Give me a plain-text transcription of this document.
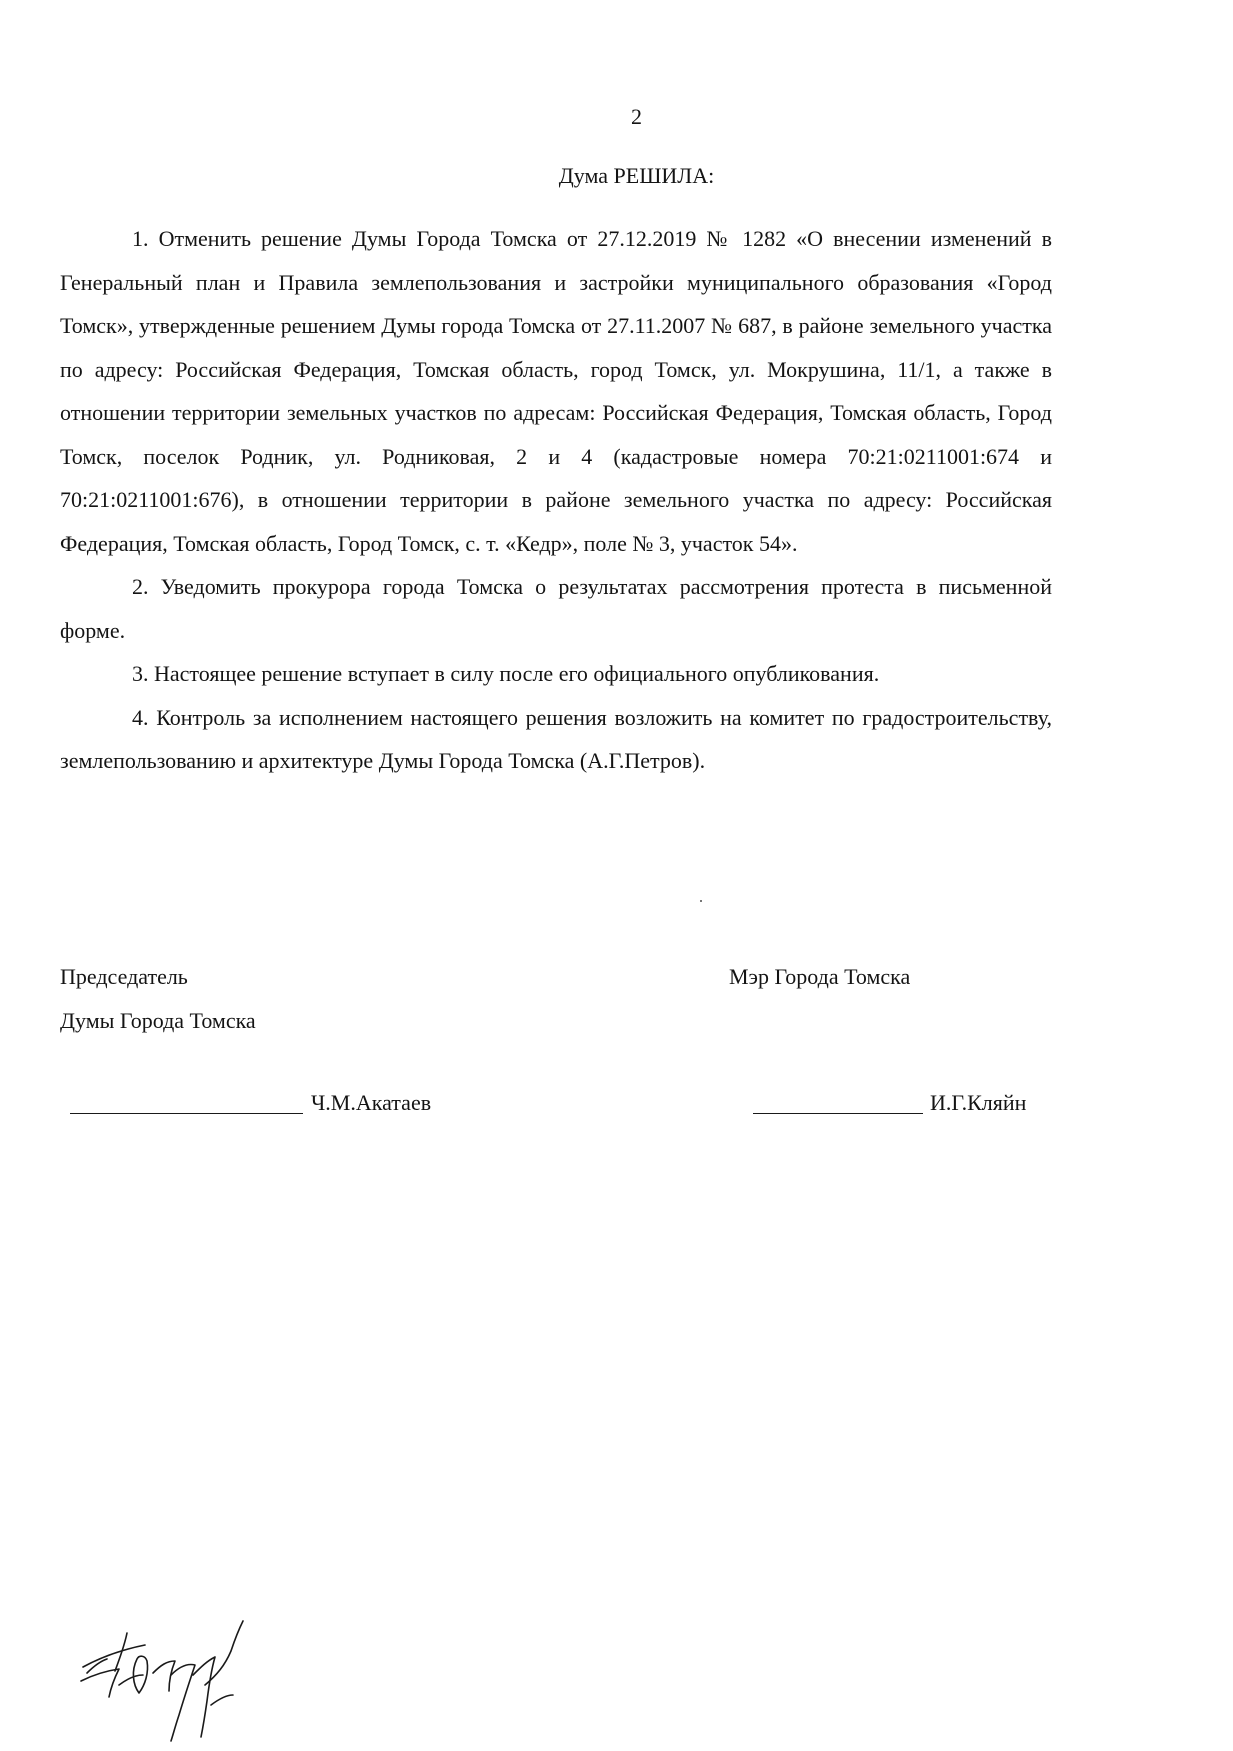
2
Дума РЕШИЛА:

1. Отменить решение Думы Города Томска от 27.12.2019 № 1282 «О внесении изменений в Генеральный план и Правила землепользования и застройки муниципального образования «Город Томск», утвержденные решением Думы города Томска от 27.11.2007 № 687, в районе земельного участка по адресу: Российская Федерация, Томская область, город Томск, ул. Мокрушина, 11/1, а также в отношении территории земельных участков по адресам: Российская Федерация, Томская область, Город Томск, поселок Родник, ул. Родниковая, 2 и 4 (кадастровые номера 70:21:0211001:674 и 70:21:0211001:676), в отношении территории в районе земельного участка по адресу: Российская Федерация, Томская область, Город Томск, с. т. «Кедр», поле № 3, участок 54».

2. Уведомить прокурора города Томска о результатах рассмотрения протеста в письменной форме.

3. Настоящее решение вступает в силу после его официального опубликования.

4. Контроль за исполнением настоящего решения возложить на комитет по градостроительству, землепользованию и архитектуре Думы Города Томска (А.Г.Петров).

Председатель
Думы Города Томска
Мэр Города Томска
Ч.М.Акатаев	И.Г.Кляйн
